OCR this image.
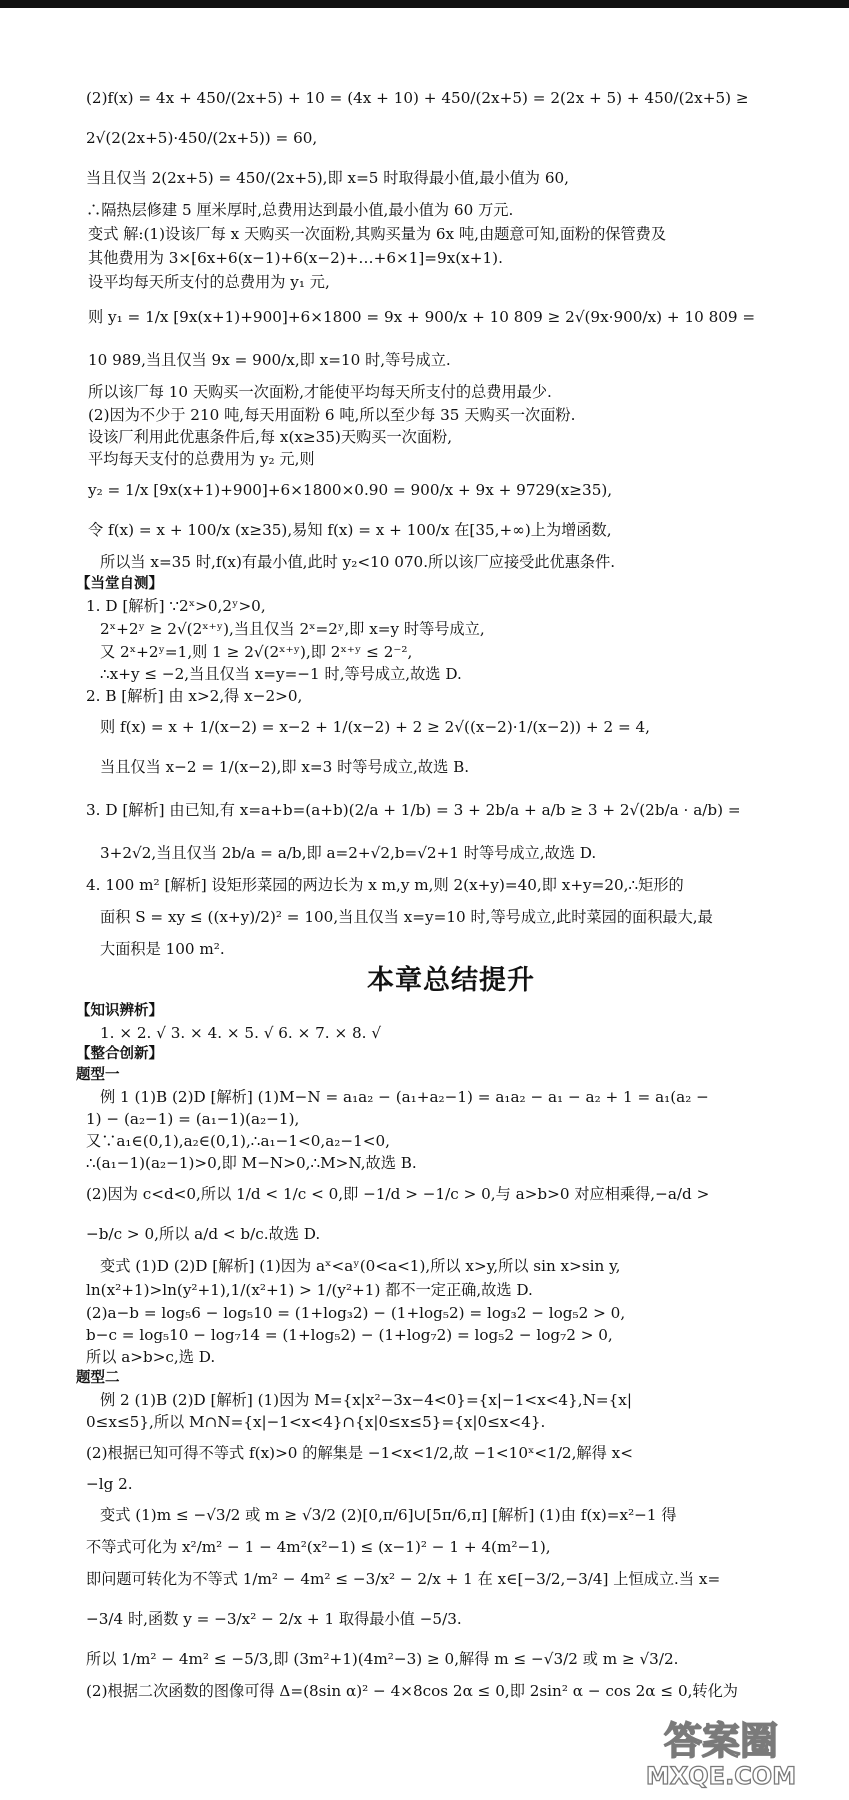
(2)f(x) = 4x + 450/(2x+5) + 10 = (4x + 10) + 450/(2x+5) = 2(2x + 5) + 450/(2x+5) ≥
2√(2(2x+5)·450/(2x+5)) = 60,
当且仅当 2(2x+5) = 450/(2x+5),即 x=5 时取得最小值,最小值为 60,
∴隔热层修建 5 厘米厚时,总费用达到最小值,最小值为 60 万元.
变式 解:(1)设该厂每 x 天购买一次面粉,其购买量为 6x 吨,由题意可知,面粉的保管费及
其他费用为 3×[6x+6(x−1)+6(x−2)+…+6×1]=9x(x+1).
设平均每天所支付的总费用为 y₁ 元,
则 y₁ = 1/x [9x(x+1)+900]+6×1800 = 9x + 900/x + 10 809 ≥ 2√(9x·900/x) + 10 809 =
10 989,当且仅当 9x = 900/x,即 x=10 时,等号成立.
所以该厂每 10 天购买一次面粉,才能使平均每天所支付的总费用最少.
(2)因为不少于 210 吨,每天用面粉 6 吨,所以至少每 35 天购买一次面粉.
设该厂利用此优惠条件后,每 x(x≥35)天购买一次面粉,
平均每天支付的总费用为 y₂ 元,则
y₂ = 1/x [9x(x+1)+900]+6×1800×0.90 = 900/x + 9x + 9729(x≥35),
令 f(x) = x + 100/x (x≥35),易知 f(x) = x + 100/x 在[35,+∞)上为增函数,
所以当 x=35 时,f(x)有最小值,此时 y₂<10 070.所以该厂应接受此优惠条件.
【当堂自测】
1. D [解析] ∵2ˣ>0,2ʸ>0,
2ˣ+2ʸ ≥ 2√(2ˣ⁺ʸ),当且仅当 2ˣ=2ʸ,即 x=y 时等号成立,
又 2ˣ+2ʸ=1,则 1 ≥ 2√(2ˣ⁺ʸ),即 2ˣ⁺ʸ ≤ 2⁻²,
∴x+y ≤ −2,当且仅当 x=y=−1 时,等号成立,故选 D.
2. B [解析] 由 x>2,得 x−2>0,
则 f(x) = x + 1/(x−2) = x−2 + 1/(x−2) + 2 ≥ 2√((x−2)·1/(x−2)) + 2 = 4,
当且仅当 x−2 = 1/(x−2),即 x=3 时等号成立,故选 B.
3. D [解析] 由已知,有 x=a+b=(a+b)(2/a + 1/b) = 3 + 2b/a + a/b ≥ 3 + 2√(2b/a · a/b) =
3+2√2,当且仅当 2b/a = a/b,即 a=2+√2,b=√2+1 时等号成立,故选 D.
4. 100 m² [解析] 设矩形菜园的两边长为 x m,y m,则 2(x+y)=40,即 x+y=20,∴矩形的
面积 S = xy ≤ ((x+y)/2)² = 100,当且仅当 x=y=10 时,等号成立,此时菜园的面积最大,最
大面积是 100 m².
本章总结提升
【知识辨析】
1. × 2. √ 3. × 4. × 5. √ 6. × 7. × 8. √
【整合创新】
题型一
例 1 (1)B (2)D [解析] (1)M−N = a₁a₂ − (a₁+a₂−1) = a₁a₂ − a₁ − a₂ + 1 = a₁(a₂ −
1) − (a₂−1) = (a₁−1)(a₂−1),
又∵a₁∈(0,1),a₂∈(0,1),∴a₁−1<0,a₂−1<0,
∴(a₁−1)(a₂−1)>0,即 M−N>0,∴M>N,故选 B.
(2)因为 c<d<0,所以 1/d < 1/c < 0,即 −1/d > −1/c > 0,与 a>b>0 对应相乘得,−a/d >
−b/c > 0,所以 a/d < b/c.故选 D.
变式 (1)D (2)D [解析] (1)因为 aˣ<aʸ(0<a<1),所以 x>y,所以 sin x>sin y,
ln(x²+1)>ln(y²+1),1/(x²+1) > 1/(y²+1) 都不一定正确,故选 D.
(2)a−b = log₅6 − log₅10 = (1+log₃2) − (1+log₅2) = log₃2 − log₅2 > 0,
b−c = log₅10 − log₇14 = (1+log₅2) − (1+log₇2) = log₅2 − log₇2 > 0,
所以 a>b>c,选 D.
题型二
例 2 (1)B (2)D [解析] (1)因为 M={x|x²−3x−4<0}={x|−1<x<4},N={x|
0≤x≤5},所以 M∩N={x|−1<x<4}∩{x|0≤x≤5}={x|0≤x<4}.
(2)根据已知可得不等式 f(x)>0 的解集是 −1<x<1/2,故 −1<10ˣ<1/2,解得 x<
−lg 2.
变式 (1)m ≤ −√3/2 或 m ≥ √3/2 (2)[0,π/6]∪[5π/6,π] [解析] (1)由 f(x)=x²−1 得
不等式可化为 x²/m² − 1 − 4m²(x²−1) ≤ (x−1)² − 1 + 4(m²−1),
即问题可转化为不等式 1/m² − 4m² ≤ −3/x² − 2/x + 1 在 x∈[−3/2,−3/4] 上恒成立.当 x=
−3/4 时,函数 y = −3/x² − 2/x + 1 取得最小值 −5/3.
所以 1/m² − 4m² ≤ −5/3,即 (3m²+1)(4m²−3) ≥ 0,解得 m ≤ −√3/2 或 m ≥ √3/2.
(2)根据二次函数的图像可得 Δ=(8sin α)² − 4×8cos 2α ≤ 0,即 2sin² α − cos 2α ≤ 0,转化为
答案圈
MXQE.COM
